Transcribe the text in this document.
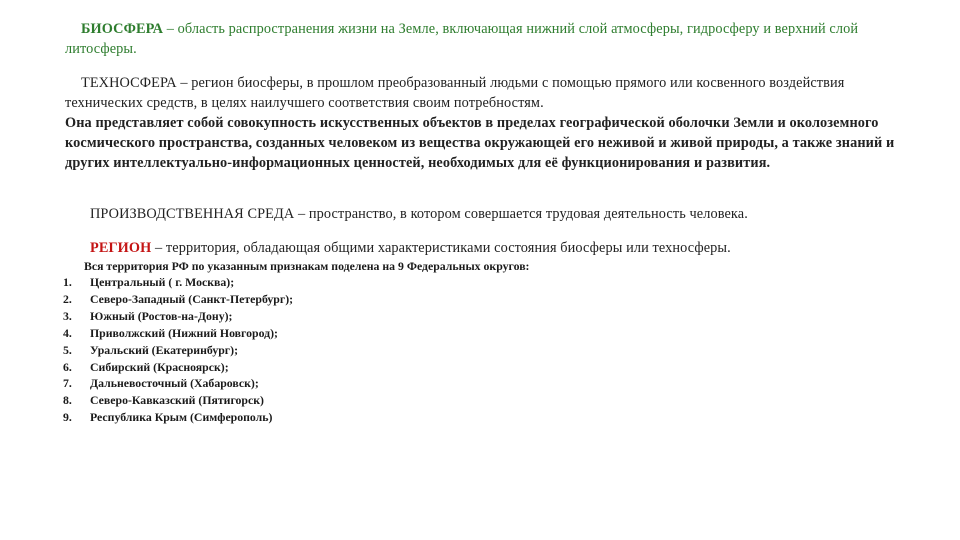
БИОСФЕРА – область распространения жизни на Земле, включающая нижний слой атмосферы, гидросферу и верхний слой литосферы.

ТЕХНОСФЕРА – регион биосферы, в прошлом преобразованный людьми с помощью прямого или косвенного воздействия технических средств, в целях наилучшего соответствия своим потребностям.
Она представляет собой совокупность искусственных объектов в пределах географической оболочки Земли и околоземного космического пространства, созданных человеком из вещества окружающей его неживой и живой природы, а также знаний и других интеллектуально-информационных ценностей, необходимых для её функционирования и развития.

ПРОИЗВОДСТВЕННАЯ СРЕДА – пространство, в котором совершается трудовая деятельность человека.

РЕГИОН – территория, обладающая общими характеристиками состояния биосферы или техносферы.

Вся территория РФ по указанным признакам поделена на 9 Федеральных округов:

1.	Центральный ( г. Москва);
2.	Северо-Западный (Санкт-Петербург);
3.	Южный (Ростов-на-Дону);
4.	Приволжский (Нижний Новгород);
5.	Уральский (Екатеринбург);
6.	Сибирский (Красноярск);
7.	Дальневосточный (Хабаровск);
8.	Северо-Кавказский (Пятигорск)
9.	Республика Крым (Симферополь)
